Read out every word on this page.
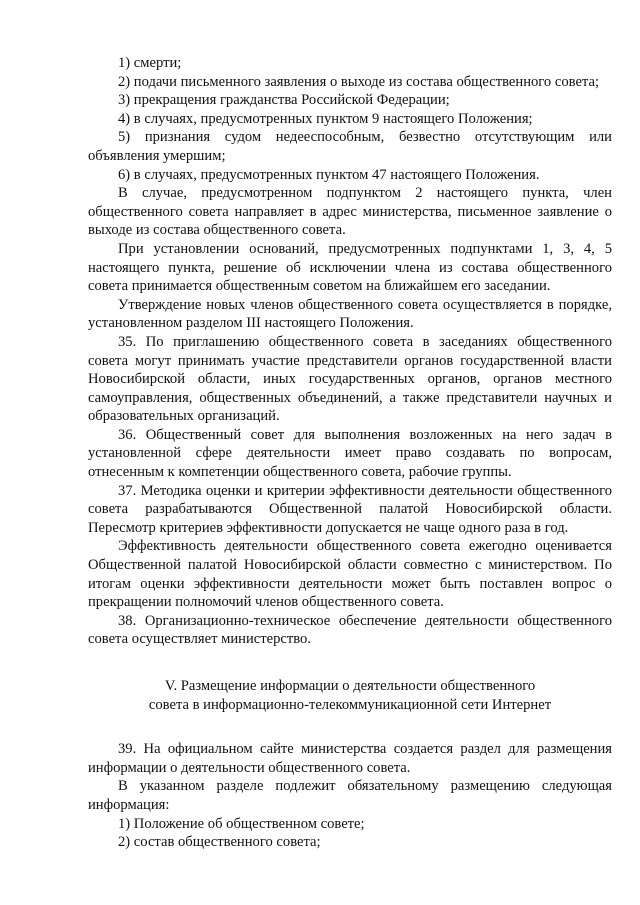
1) смерти;

2) подачи письменного заявления о выходе из состава общественного совета;

3) прекращения гражданства Российской Федерации;

4) в случаях, предусмотренных пунктом 9 настоящего Положения;

5) признания судом недееспособным, безвестно отсутствующим или объявления умершим;

6) в случаях, предусмотренных пунктом 47 настоящего Положения.

В случае, предусмотренном подпунктом 2 настоящего пункта, член общественного совета направляет в адрес министерства, письменное заявление о выходе из состава общественного совета.

При установлении оснований, предусмотренных подпунктами 1, 3, 4, 5 настоящего пункта, решение об исключении члена из состава общественного совета принимается общественным советом на ближайшем его заседании.

Утверждение новых членов общественного совета осуществляется в порядке, установленном разделом III настоящего Положения.

35. По приглашению общественного совета в заседаниях общественного совета могут принимать участие представители органов государственной власти Новосибирской области, иных государственных органов, органов местного самоуправления, общественных объединений, а также представители научных и образовательных организаций.

36. Общественный совет для выполнения возложенных на него задач в установленной сфере деятельности имеет право создавать по вопросам, отнесенным к компетенции общественного совета, рабочие группы.

37. Методика оценки и критерии эффективности деятельности общественного совета разрабатываются Общественной палатой Новосибирской области. Пересмотр критериев эффективности допускается не чаще одного раза в год.

Эффективность деятельности общественного совета ежегодно оценивается Общественной палатой Новосибирской области совместно с министерством. По итогам оценки эффективности деятельности может быть поставлен вопрос о прекращении полномочий членов общественного совета.

38. Организационно-техническое обеспечение деятельности общественного совета осуществляет министерство.

V. Размещение информации о деятельности общественного
совета в информационно-телекоммуникационной сети Интернет

39. На официальном сайте министерства создается раздел для размещения информации о деятельности общественного совета.

В указанном разделе подлежит обязательному размещению следующая информация:

1) Положение об общественном совете;

2) состав общественного совета;
